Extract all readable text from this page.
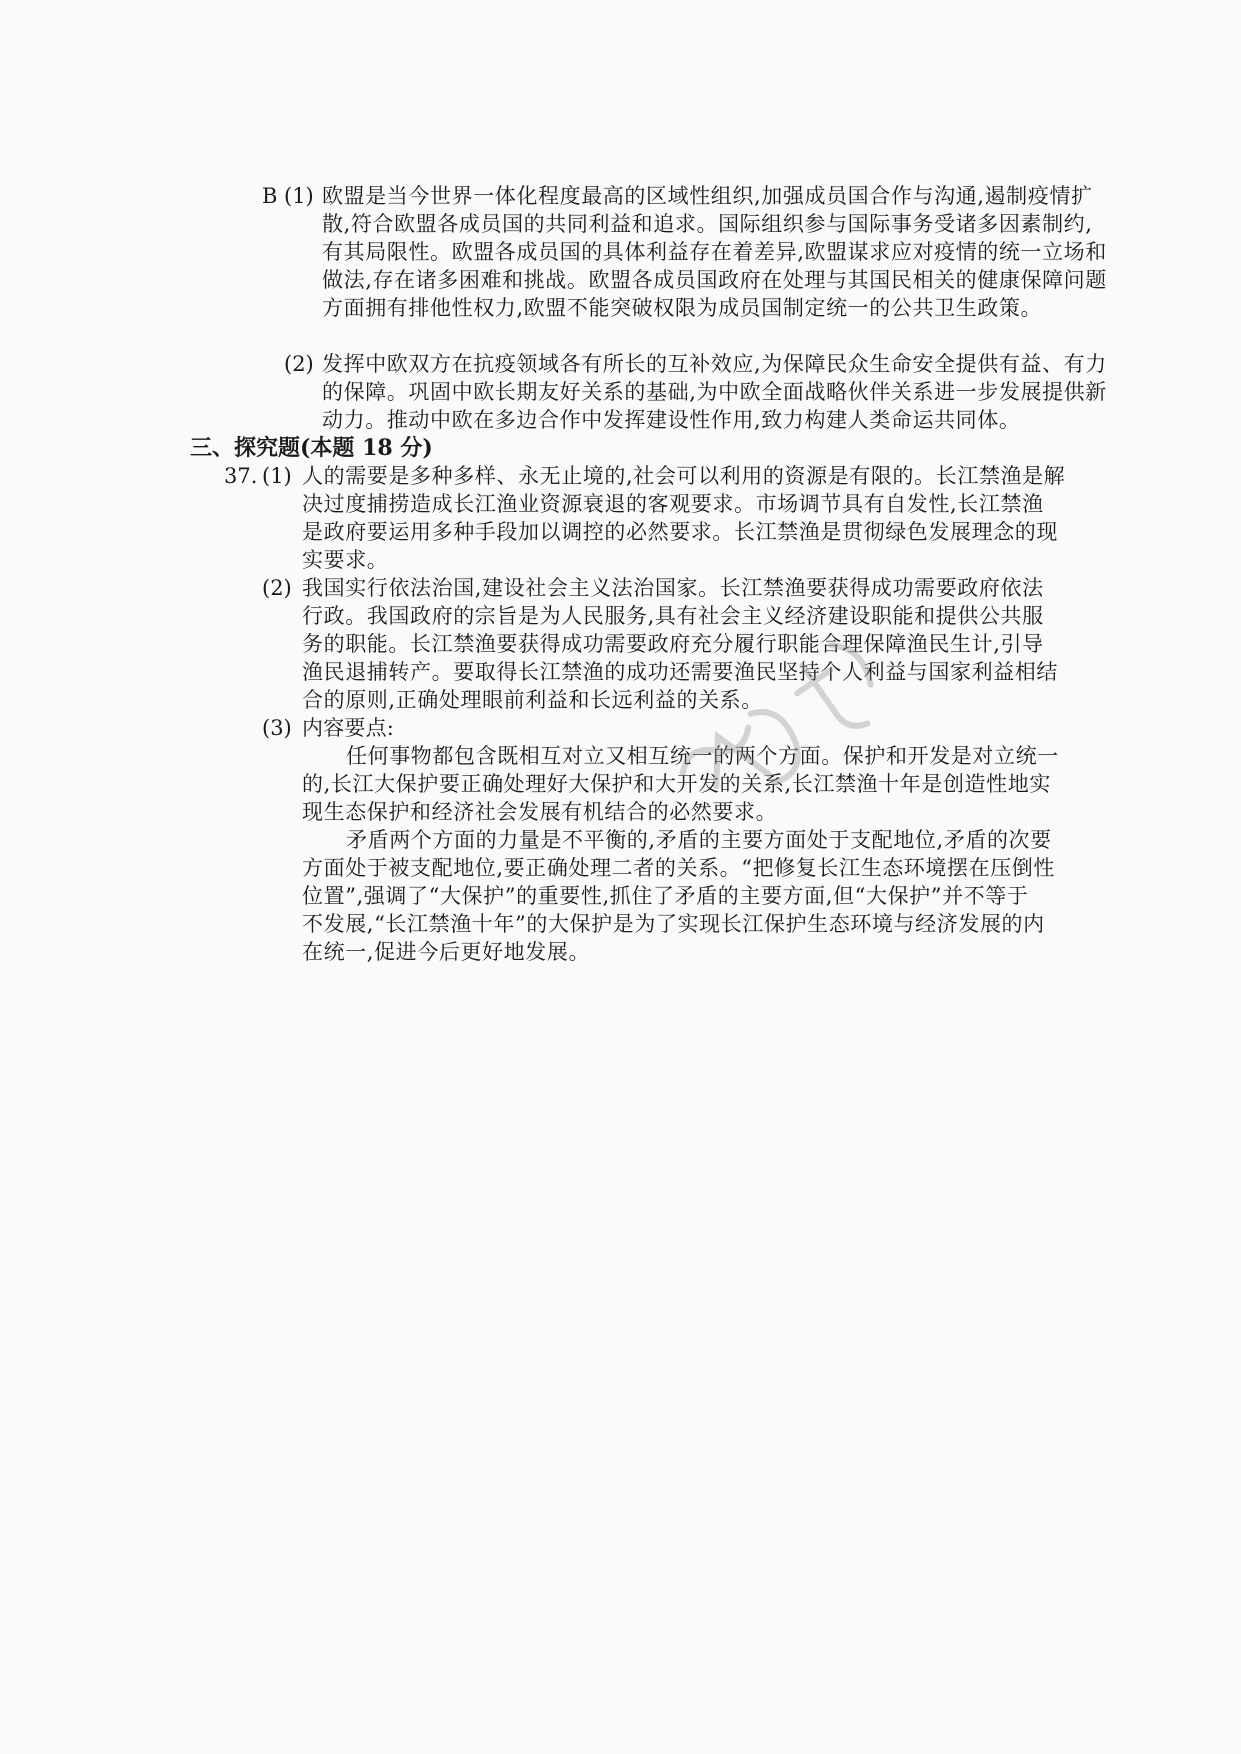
B (1) 欧盟是当今世界一体化程度最高的区域性组织,加强成员国合作与沟通,遏制疫情扩
散,符合欧盟各成员国的共同利益和追求。国际组织参与国际事务受诸多因素制约,
有其局限性。欧盟各成员国的具体利益存在着差异,欧盟谋求应对疫情的统一立场和
做法,存在诸多困难和挑战。欧盟各成员国政府在处理与其国民相关的健康保障问题
方面拥有排他性权力,欧盟不能突破权限为成员国制定统一的公共卫生政策。
(2) 发挥中欧双方在抗疫领域各有所长的互补效应,为保障民众生命安全提供有益、有力
的保障。巩固中欧长期友好关系的基础,为中欧全面战略伙伴关系进一步发展提供新
动力。推动中欧在多边合作中发挥建设性作用,致力构建人类命运共同体。
三、探究题(本题 18 分)
37. (1) 人的需要是多种多样、永无止境的,社会可以利用的资源是有限的。长江禁渔是解
决过度捕捞造成长江渔业资源衰退的客观要求。市场调节具有自发性,长江禁渔
是政府要运用多种手段加以调控的必然要求。长江禁渔是贯彻绿色发展理念的现
实要求。
(2) 我国实行依法治国,建设社会主义法治国家。长江禁渔要获得成功需要政府依法
行政。我国政府的宗旨是为人民服务,具有社会主义经济建设职能和提供公共服
务的职能。长江禁渔要获得成功需要政府充分履行职能合理保障渔民生计,引导
渔民退捕转产。要取得长江禁渔的成功还需要渔民坚持个人利益与国家利益相结
合的原则,正确处理眼前利益和长远利益的关系。
(3) 内容要点:
任何事物都包含既相互对立又相互统一的两个方面。保护和开发是对立统一
的,长江大保护要正确处理好大保护和大开发的关系,长江禁渔十年是创造性地实
现生态保护和经济社会发展有机结合的必然要求。
矛盾两个方面的力量是不平衡的,矛盾的主要方面处于支配地位,矛盾的次要
方面处于被支配地位,要正确处理二者的关系。“把修复长江生态环境摆在压倒性
位置”,强调了“大保护”的重要性,抓住了矛盾的主要方面,但“大保护”并不等于
不发展,“长江禁渔十年”的大保护是为了实现长江保护生态环境与经济发展的内
在统一,促进今后更好地发展。
